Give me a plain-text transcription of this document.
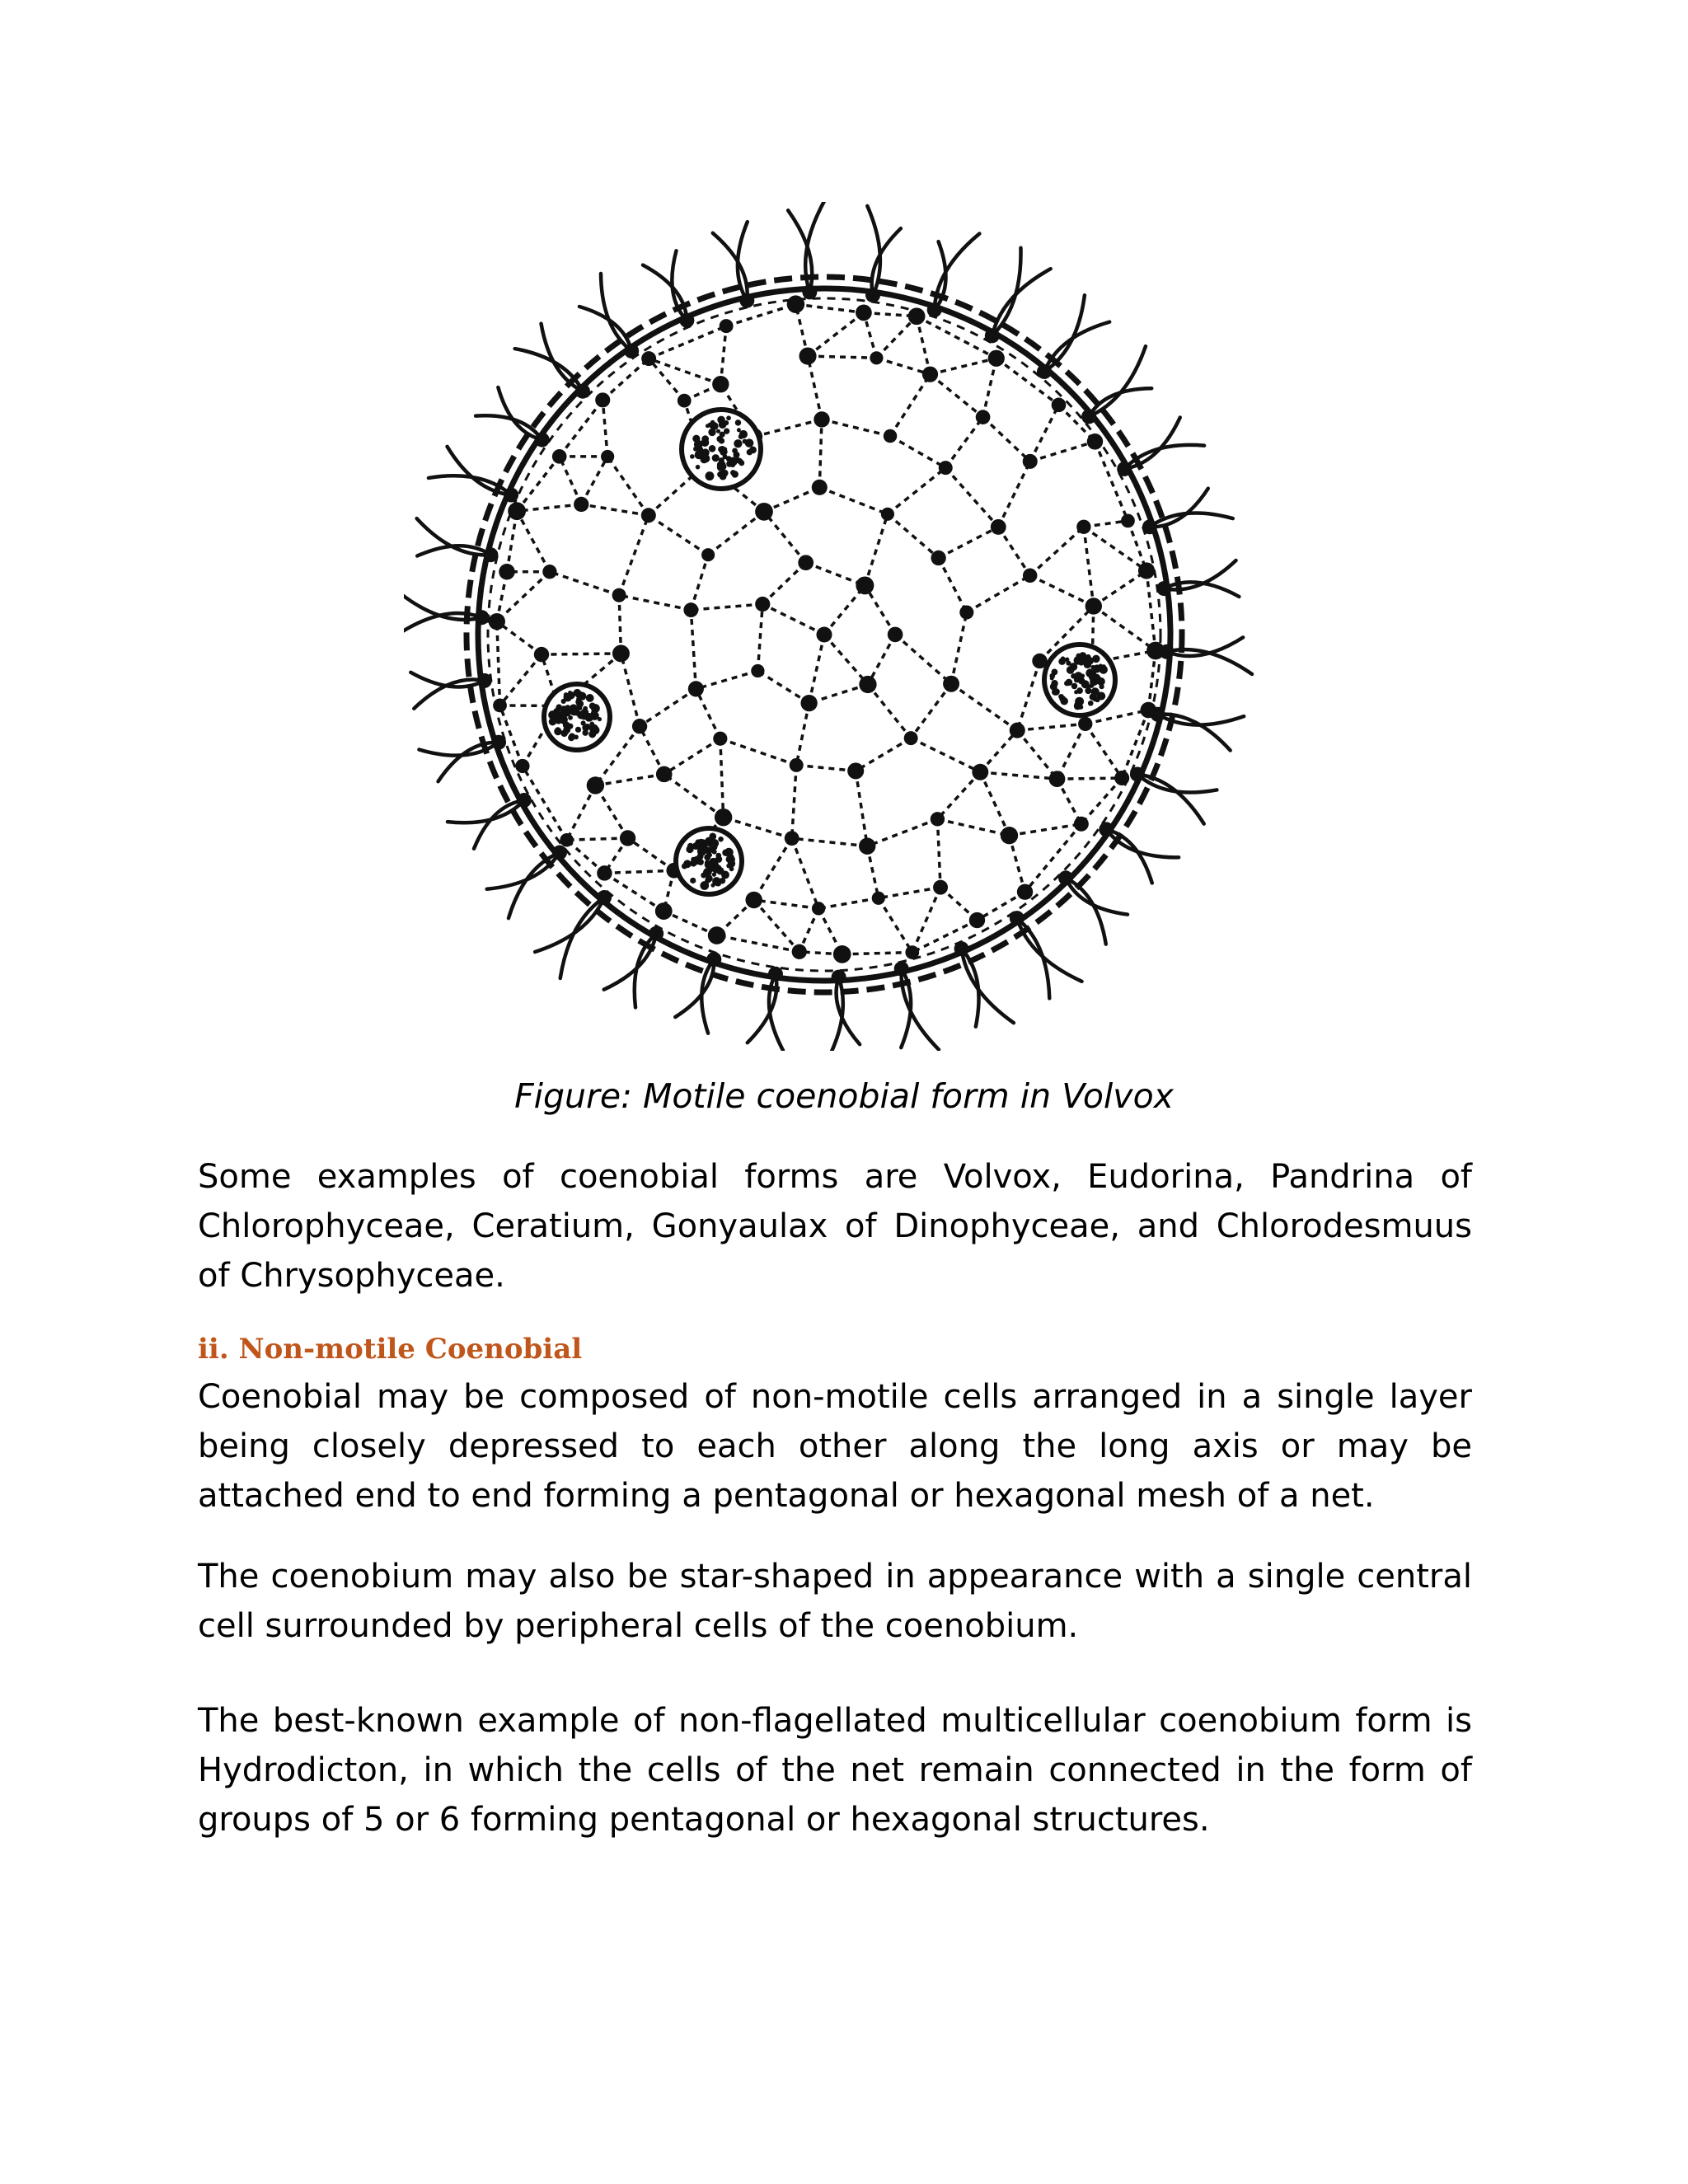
Figure: Motile coenobial form in Volvox

Some examples of coenobial forms are Volvox, Eudorina, Pandrina of Chlorophyceae, Ceratium, Gonyaulax of Dinophyceae, and Chlorodesmuus of Chrysophyceae.

ii. Non-motile Coenobial

Coenobial may be composed of non-motile cells arranged in a single layer being closely depressed to each other along the long axis or may be attached end to end forming a pentagonal or hexagonal mesh of a net.

The coenobium may also be star-shaped in appearance with a single central cell surrounded by peripheral cells of the coenobium.

The best-known example of non-flagellated multicellular coenobium form is Hydrodicton, in which the cells of the net remain connected in the form of groups of 5 or 6 forming pentagonal or hexagonal structures.
